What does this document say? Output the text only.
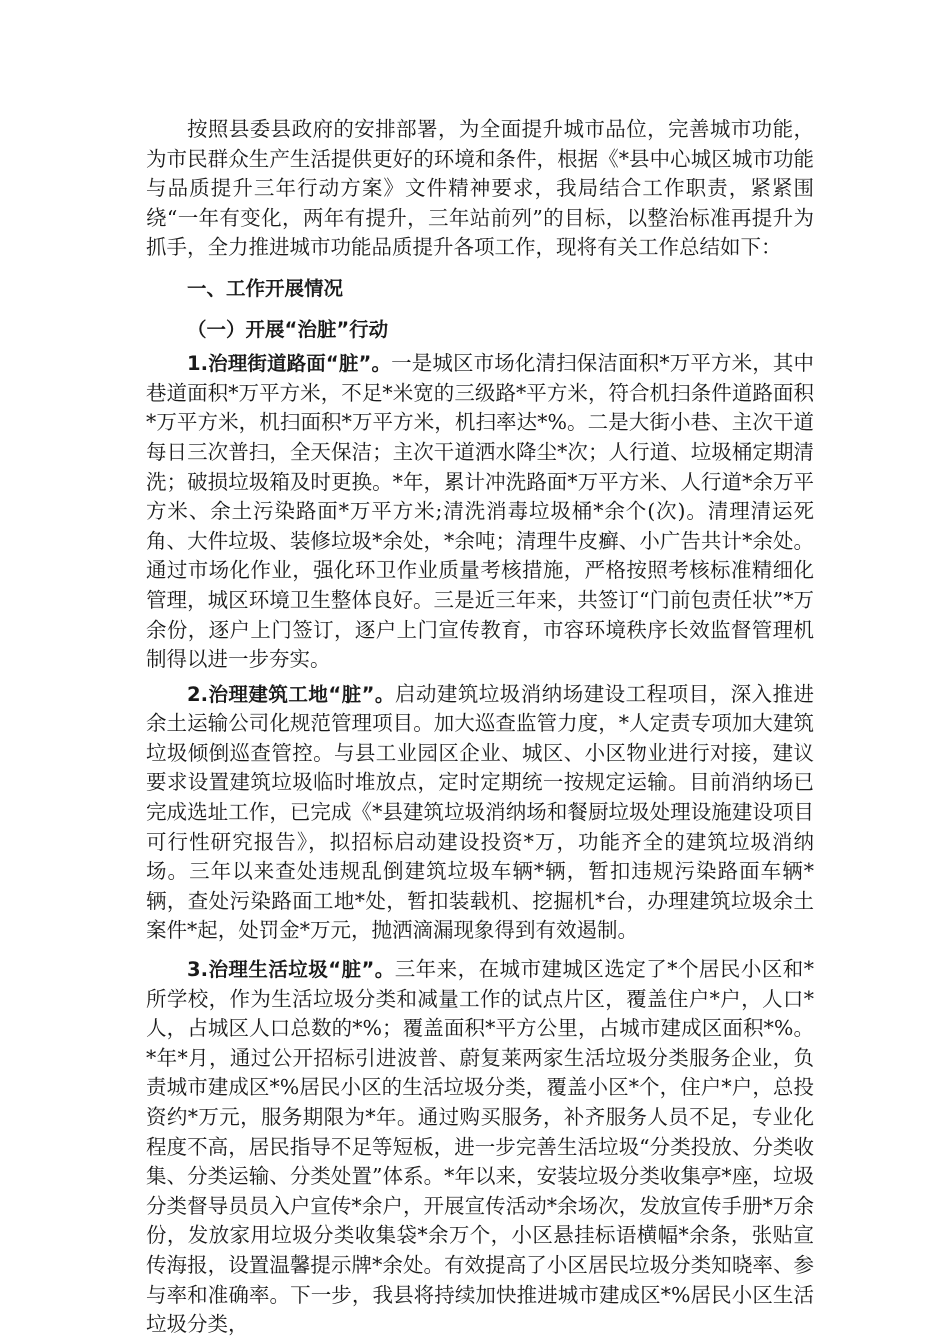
按照县委县政府的安排部署，为全面提升城市品位，完善城市功能，为市民群众生产生活提供更好的环境和条件，根据《*县中心城区城市功能与品质提升三年行动方案》文件精神要求，我局结合工作职责，紧紧围绕“一年有变化，两年有提升，三年站前列”的目标，以整治标准再提升为抓手，全力推进城市功能品质提升各项工作，现将有关工作总结如下：

一、工作开展情况

（一）开展“治脏”行动

1.治理街道路面“脏”。一是城区市场化清扫保洁面积*万平方米，其中巷道面积*万平方米，不足*米宽的三级路*平方米，符合机扫条件道路面积*万平方米，机扫面积*万平方米，机扫率达*%。二是大街小巷、主次干道每日三次普扫，全天保洁；主次干道洒水降尘*次；人行道、垃圾桶定期清洗；破损垃圾箱及时更换。*年，累计冲洗路面*万平方米、人行道*余万平方米、余土污染路面*万平方米;清洗消毒垃圾桶*余个(次)。清理清运死角、大件垃圾、装修垃圾*余处，*余吨；清理牛皮癣、小广告共计*余处。通过市场化作业，强化环卫作业质量考核措施，严格按照考核标准精细化管理，城区环境卫生整体良好。三是近三年来，共签订“门前包责任状”*万余份，逐户上门签订，逐户上门宣传教育，市容环境秩序长效监督管理机制得以进一步夯实。

2.治理建筑工地“脏”。启动建筑垃圾消纳场建设工程项目，深入推进余土运输公司化规范管理项目。加大巡查监管力度，*人定责专项加大建筑垃圾倾倒巡查管控。与县工业园区企业、城区、小区物业进行对接，建议要求设置建筑垃圾临时堆放点，定时定期统一按规定运输。目前消纳场已完成选址工作，已完成《*县建筑垃圾消纳场和餐厨垃圾处理设施建设项目可行性研究报告》，拟招标启动建设投资*万，功能齐全的建筑垃圾消纳场。三年以来查处违规乱倒建筑垃圾车辆*辆，暂扣违规污染路面车辆*辆，查处污染路面工地*处，暂扣装载机、挖掘机*台，办理建筑垃圾余土案件*起，处罚金*万元，抛洒滴漏现象得到有效遏制。

3.治理生活垃圾“脏”。三年来，在城市建城区选定了*个居民小区和*所学校，作为生活垃圾分类和减量工作的试点片区，覆盖住户*户，人口*人，占城区人口总数的*%；覆盖面积*平方公里，占城市建成区面积*%。*年*月，通过公开招标引进波普、蔚复莱两家生活垃圾分类服务企业，负责城市建成区*%居民小区的生活垃圾分类，覆盖小区*个，住户*户，总投资约*万元，服务期限为*年。通过购买服务，补齐服务人员不足，专业化程度不高，居民指导不足等短板，进一步完善生活垃圾“分类投放、分类收集、分类运输、分类处置”体系。*年以来，安装垃圾分类收集亭*座，垃圾分类督导员员入户宣传*余户，开展宣传活动*余场次，发放宣传手册*万余份，发放家用垃圾分类收集袋*余万个，小区悬挂标语横幅*余条，张贴宣传海报，设置温馨提示牌*余处。有效提高了小区居民垃圾分类知晓率、参与率和准确率。下一步，我县将持续加快推进城市建成区*%居民小区生活垃圾分类，
